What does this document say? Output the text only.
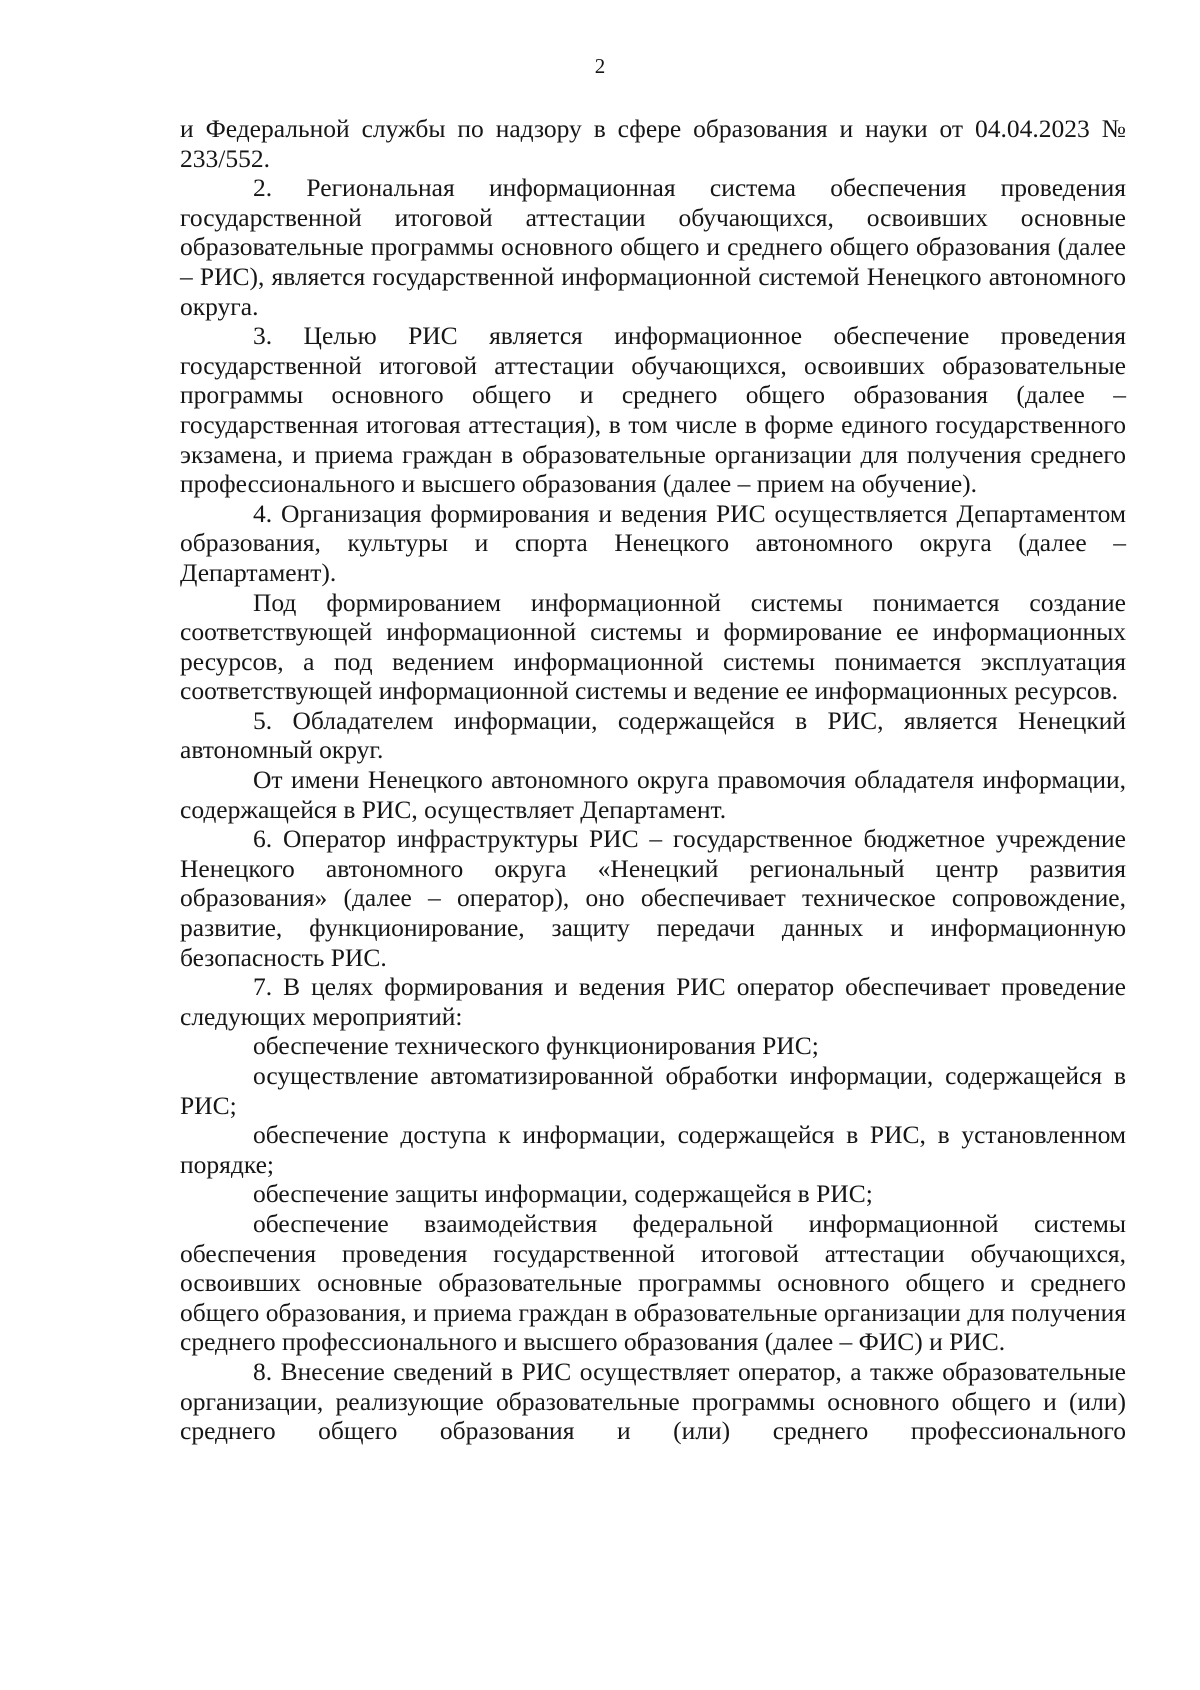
2

и Федеральной службы по надзору в сфере образования и науки от 04.04.2023 № 233/552.

2. Региональная информационная система обеспечения проведения государственной итоговой аттестации обучающихся, освоивших основные образовательные программы основного общего и среднего общего образования (далее – РИС), является государственной информационной системой Ненецкого автономного округа.

3. Целью РИС является информационное обеспечение проведения государственной итоговой аттестации обучающихся, освоивших образовательные программы основного общего и среднего общего образования (далее – государственная итоговая аттестация), в том числе в форме единого государственного экзамена, и приема граждан в образовательные организации для получения среднего профессионального и высшего образования (далее – прием на обучение).

4. Организация формирования и ведения РИС осуществляется Департаментом образования, культуры и спорта Ненецкого автономного округа (далее – Департамент).

Под формированием информационной системы понимается создание соответствующей информационной системы и формирование ее информационных ресурсов, а под ведением информационной системы понимается эксплуатация соответствующей информационной системы и ведение ее информационных ресурсов.

5. Обладателем информации, содержащейся в РИС, является Ненецкий автономный округ.

От имени Ненецкого автономного округа правомочия обладателя информации, содержащейся в РИС, осуществляет Департамент.

6. Оператор инфраструктуры РИС – государственное бюджетное учреждение Ненецкого автономного округа «Ненецкий региональный центр развития образования» (далее – оператор), оно обеспечивает техническое сопровождение, развитие, функционирование, защиту передачи данных и информационную безопасность РИС.

7. В целях формирования и ведения РИС оператор обеспечивает проведение следующих мероприятий:

обеспечение технического функционирования РИС;

осуществление автоматизированной обработки информации, содержащейся в РИС;

обеспечение доступа к информации, содержащейся в РИС, в установленном порядке;

обеспечение защиты информации, содержащейся в РИС;

обеспечение взаимодействия федеральной информационной системы обеспечения проведения государственной итоговой аттестации обучающихся, освоивших основные образовательные программы основного общего и среднего общего образования, и приема граждан в образовательные организации для получения среднего профессионального и высшего образования (далее – ФИС) и РИС.

8. Внесение сведений в РИС осуществляет оператор, а также образовательные организации, реализующие образовательные программы основного общего и (или) среднего общего образования и (или) среднего профессионального
